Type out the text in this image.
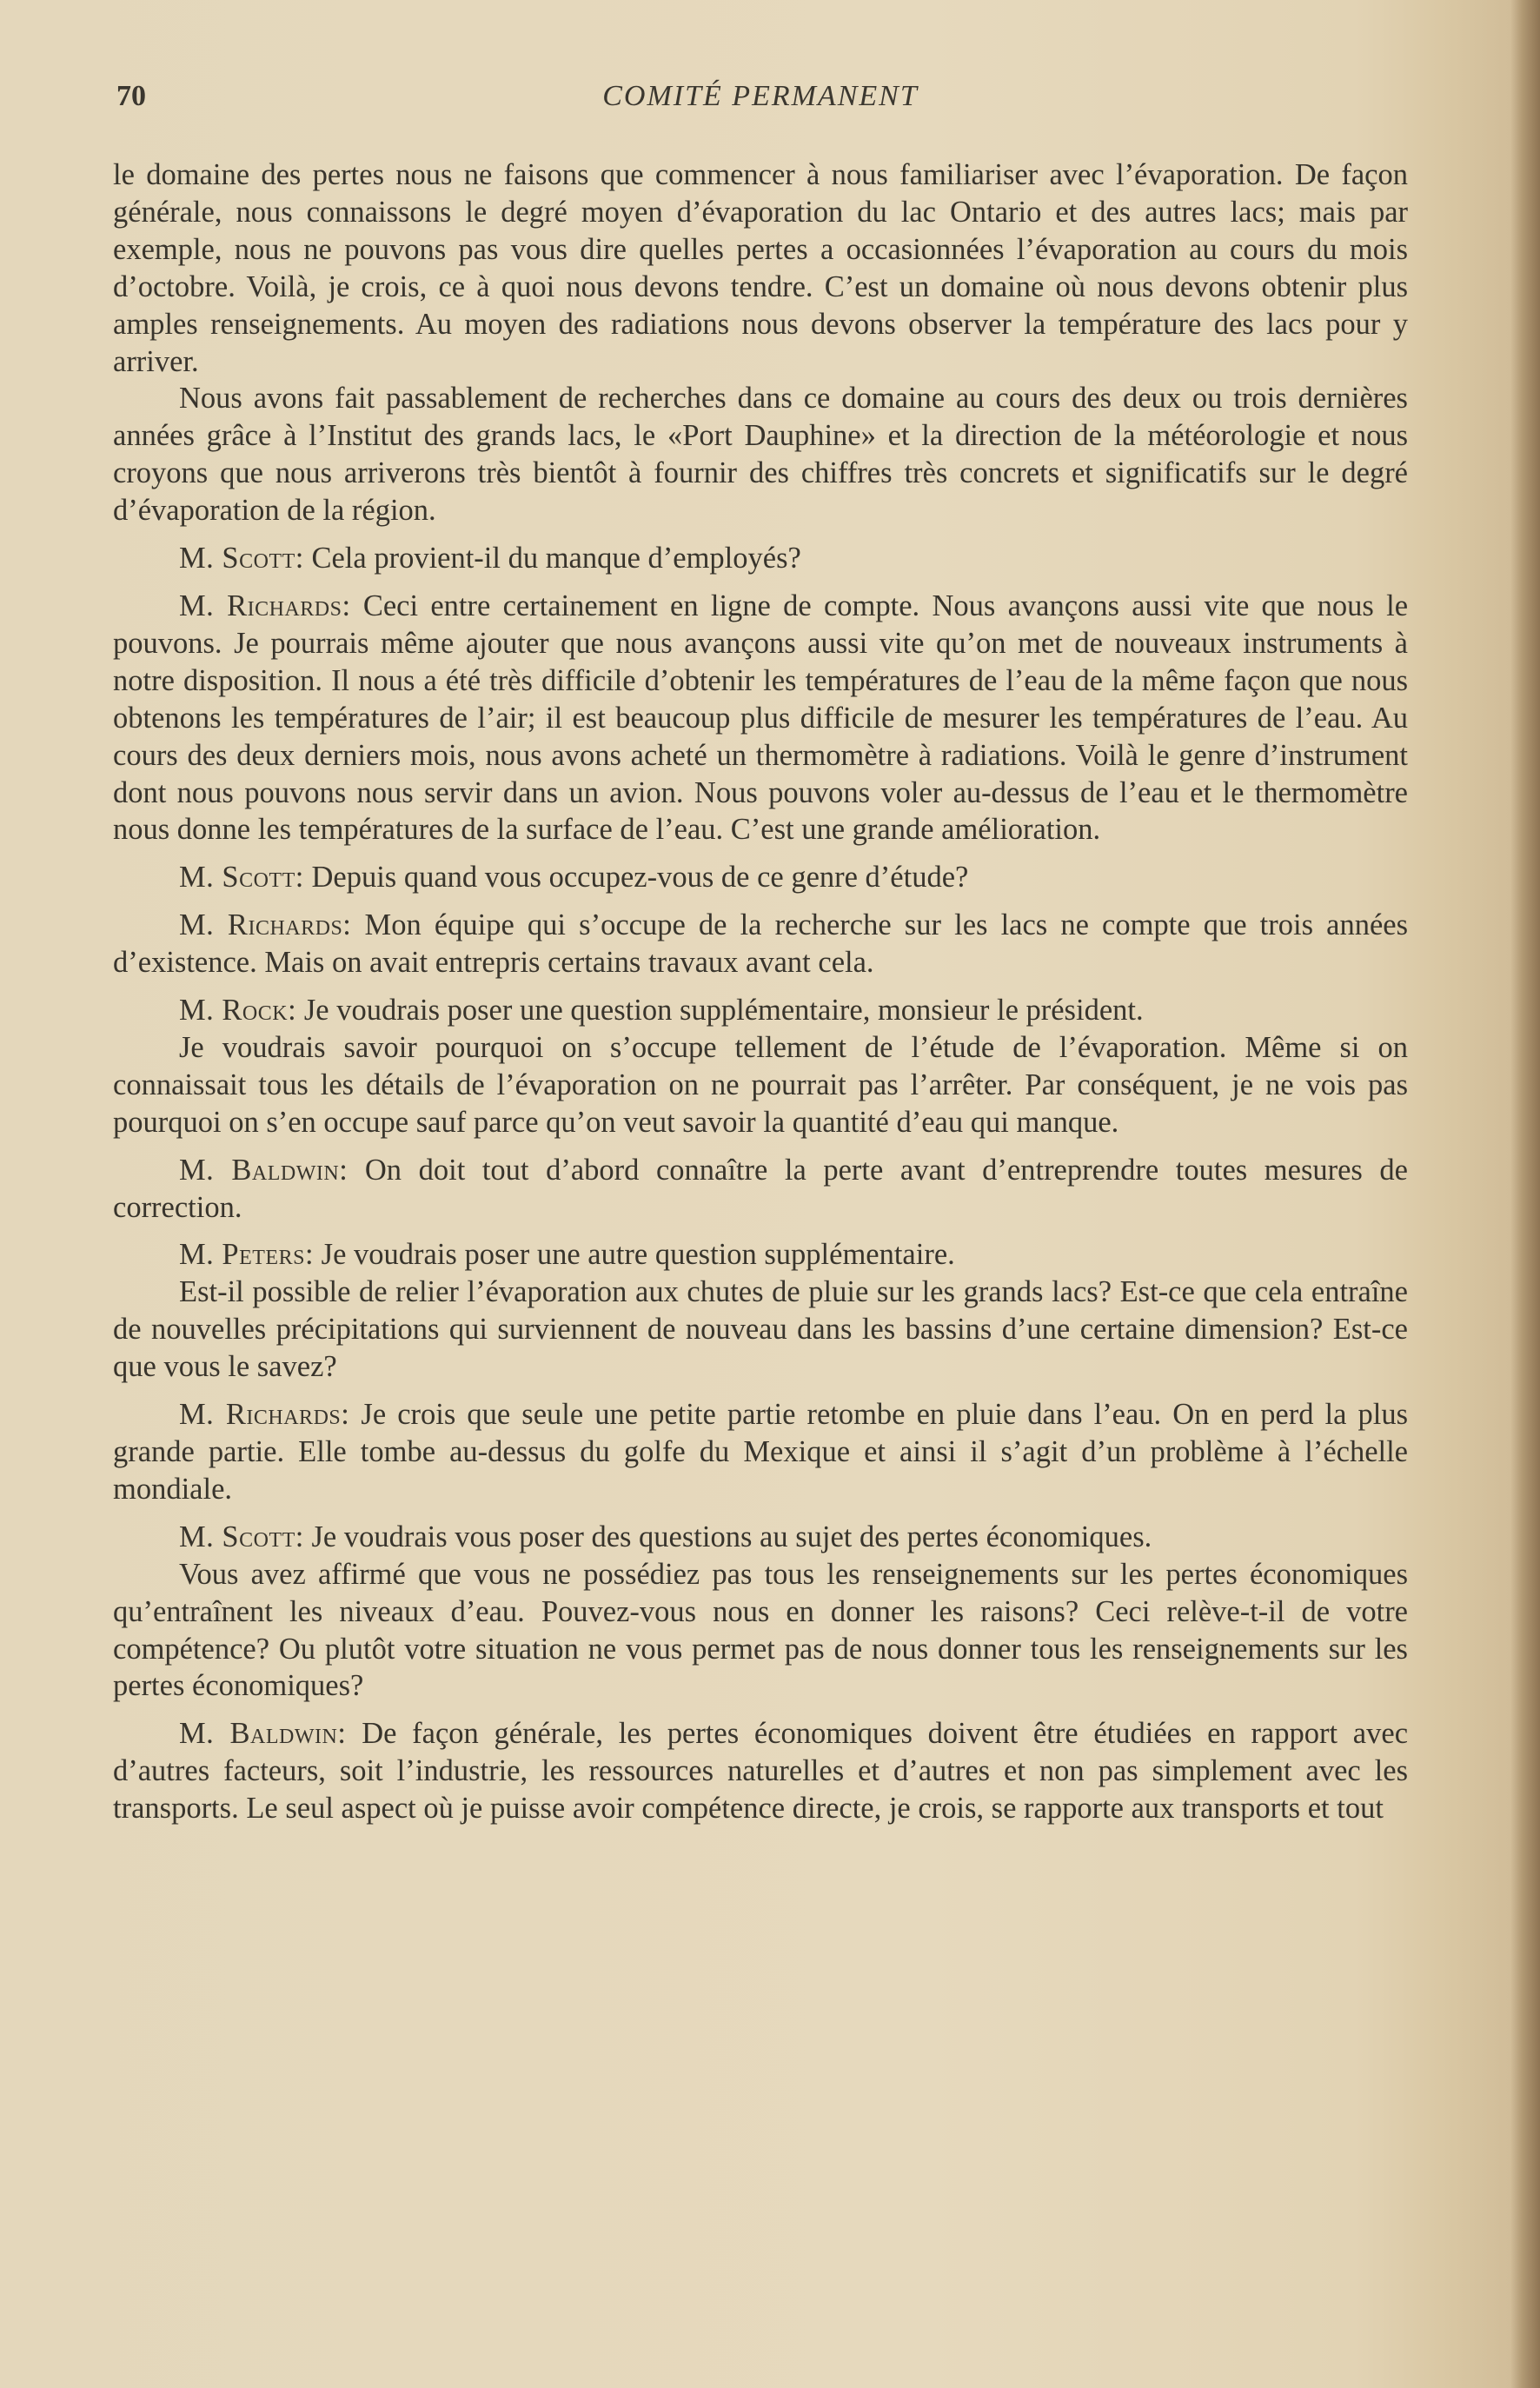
70	COMITÉ PERMANENT

le domaine des pertes nous ne faisons que commencer à nous familiariser avec l’évaporation. De façon générale, nous connaissons le degré moyen d’évaporation du lac Ontario et des autres lacs; mais par exemple, nous ne pouvons pas vous dire quelles pertes a occasionnées l’évaporation au cours du mois d’octobre. Voilà, je crois, ce à quoi nous devons tendre. C’est un domaine où nous devons obtenir plus amples renseignements. Au moyen des radiations nous devons observer la température des lacs pour y arriver.

Nous avons fait passablement de recherches dans ce domaine au cours des deux ou trois dernières années grâce à l’Institut des grands lacs, le «Port Dauphine» et la direction de la météorologie et nous croyons que nous arriverons très bientôt à fournir des chiffres très concrets et significatifs sur le degré d’évaporation de la région.

M. Scott: Cela provient-il du manque d’employés?

M. Richards: Ceci entre certainement en ligne de compte. Nous avançons aussi vite que nous le pouvons. Je pourrais même ajouter que nous avançons aussi vite qu’on met de nouveaux instruments à notre disposition. Il nous a été très difficile d’obtenir les températures de l’eau de la même façon que nous obtenons les températures de l’air; il est beaucoup plus difficile de mesurer les températures de l’eau. Au cours des deux derniers mois, nous avons acheté un thermomètre à radiations. Voilà le genre d’instrument dont nous pouvons nous servir dans un avion. Nous pouvons voler au-dessus de l’eau et le thermomètre nous donne les températures de la surface de l’eau. C’est une grande amélioration.

M. Scott: Depuis quand vous occupez-vous de ce genre d’étude?

M. Richards: Mon équipe qui s’occupe de la recherche sur les lacs ne compte que trois années d’existence. Mais on avait entrepris certains travaux avant cela.

M. Rock: Je voudrais poser une question supplémentaire, monsieur le président.

Je voudrais savoir pourquoi on s’occupe tellement de l’étude de l’évaporation. Même si on connaissait tous les détails de l’évaporation on ne pourrait pas l’arrêter. Par conséquent, je ne vois pas pourquoi on s’en occupe sauf parce qu’on veut savoir la quantité d’eau qui manque.

M. Baldwin: On doit tout d’abord connaître la perte avant d’entreprendre toutes mesures de correction.

M. Peters: Je voudrais poser une autre question supplémentaire.

Est-il possible de relier l’évaporation aux chutes de pluie sur les grands lacs? Est-ce que cela entraîne de nouvelles précipitations qui surviennent de nouveau dans les bassins d’une certaine dimension? Est-ce que vous le savez?

M. Richards: Je crois que seule une petite partie retombe en pluie dans l’eau. On en perd la plus grande partie. Elle tombe au-dessus du golfe du Mexique et ainsi il s’agit d’un problème à l’échelle mondiale.

M. Scott: Je voudrais vous poser des questions au sujet des pertes économiques.

Vous avez affirmé que vous ne possédiez pas tous les renseignements sur les pertes économiques qu’entraînent les niveaux d’eau. Pouvez-vous nous en donner les raisons? Ceci relève-t-il de votre compétence? Ou plutôt votre situation ne vous permet pas de nous donner tous les renseignements sur les pertes économiques?

M. Baldwin: De façon générale, les pertes économiques doivent être étudiées en rapport avec d’autres facteurs, soit l’industrie, les ressources naturelles et d’autres et non pas simplement avec les transports. Le seul aspect où je puisse avoir compétence directe, je crois, se rapporte aux transports et tout
